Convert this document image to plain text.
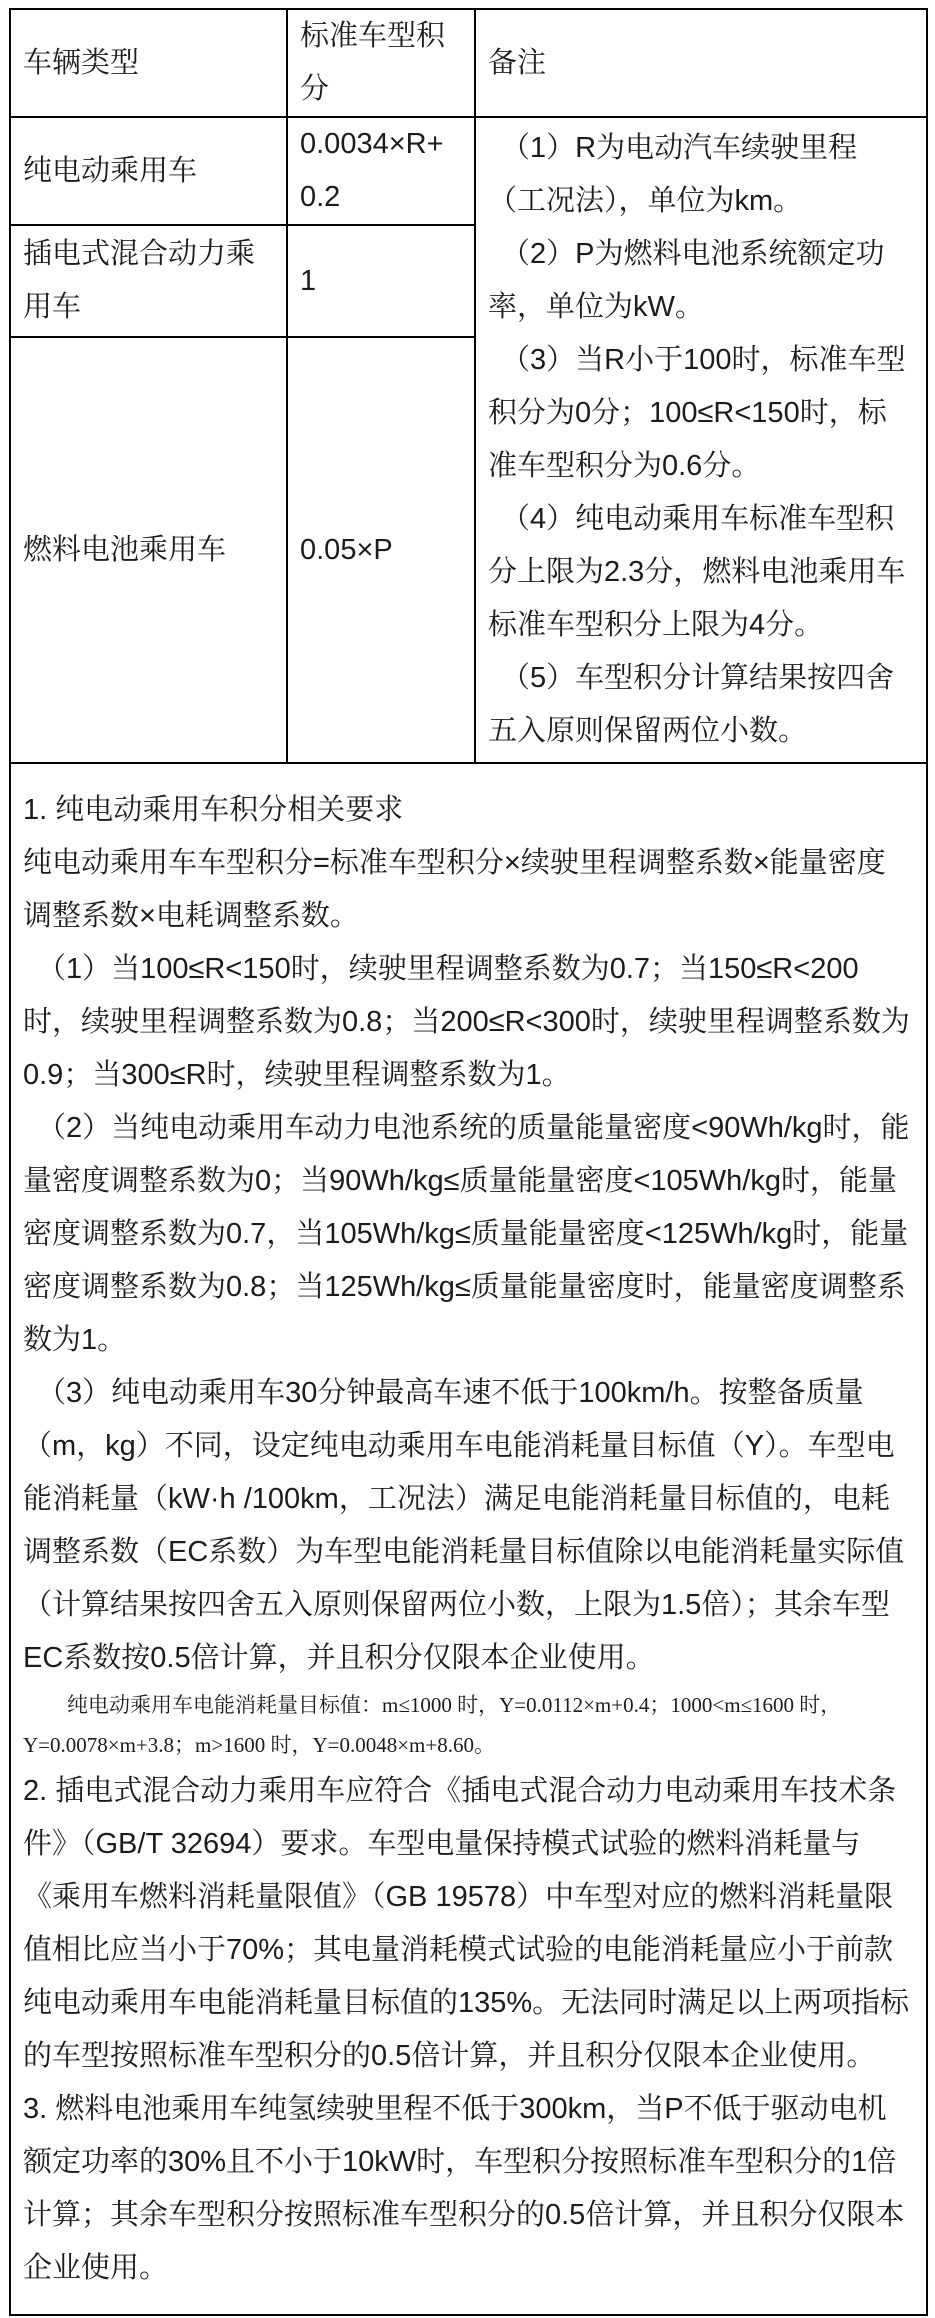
车辆类型	标准车型积分	备注
纯电动乘用车	0.0034×R+0.2	（1）R为电动汽车续驶里程（工况法），单位为km。

（2）P为燃料电池系统额定功率，单位为kW。

（3）当R小于100时，标准车型积分为0分；100≤R<150时，标准车型积分为0.6分。

（4）纯电动乘用车标准车型积分上限为2.3分，燃料电池乘用车标准车型积分上限为4分。

（5）车型积分计算结果按四舍五入原则保留两位小数。

插电式混合动力乘用车	1	
燃料电池乘用车	0.05×P	

1. 纯电动乘用车积分相关要求

纯电动乘用车车型积分=标准车型积分×续驶里程调整系数×能量密度调整系数×电耗调整系数。

（1）当100≤R<150时，续驶里程调整系数为0.7；当150≤R<200时，续驶里程调整系数为0.8；当200≤R<300时，续驶里程调整系数为0.9；当300≤R时，续驶里程调整系数为1。

（2）当纯电动乘用车动力电池系统的质量能量密度<90Wh/kg时，能量密度调整系数为0；当90Wh/kg≤质量能量密度<105Wh/kg时，能量密度调整系数为0.7，当105Wh/kg≤质量能量密度<125Wh/kg时，能量密度调整系数为0.8；当125Wh/kg≤质量能量密度时，能量密度调整系数为1。

（3）纯电动乘用车30分钟最高车速不低于100km/h。按整备质量（m，kg）不同，设定纯电动乘用车电能消耗量目标值（Y）。车型电能消耗量（kW·h /100km，工况法）满足电能消耗量目标值的，电耗调整系数（EC系数）为车型电能消耗量目标值除以电能消耗量实际值（计算结果按四舍五入原则保留两位小数，上限为1.5倍）；其余车型EC系数按0.5倍计算，并且积分仅限本企业使用。

纯电动乘用车电能消耗量目标值：m≤1000 时，Y=0.0112×m+0.4；1000<m≤1600 时，Y=0.0078×m+3.8；m>1600 时，Y=0.0048×m+8.60。

2. 插电式混合动力乘用车应符合《插电式混合动力电动乘用车技术条件》（GB/T 32694）要求。车型电量保持模式试验的燃料消耗量与《乘用车燃料消耗量限值》（GB 19578）中车型对应的燃料消耗量限值相比应当小于70%；其电量消耗模式试验的电能消耗量应小于前款纯电动乘用车电能消耗量目标值的135%。无法同时满足以上两项指标的车型按照标准车型积分的0.5倍计算，并且积分仅限本企业使用。

3. 燃料电池乘用车纯氢续驶里程不低于300km，当P不低于驱动电机额定功率的30%且不小于10kW时，车型积分按照标准车型积分的1倍计算；其余车型积分按照标准车型积分的0.5倍计算，并且积分仅限本企业使用。
